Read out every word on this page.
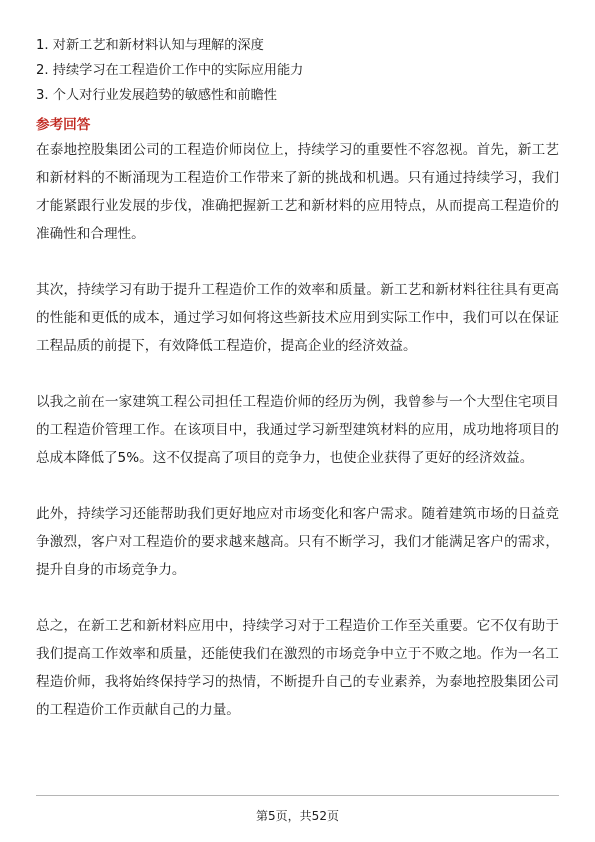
1. 对新工艺和新材料认知与理解的深度
2. 持续学习在工程造价工作中的实际应用能力
3. 个人对行业发展趋势的敏感性和前瞻性
参考回答

在泰地控股集团公司的工程造价师岗位上，持续学习的重要性不容忽视。首先，新工艺和新材料的不断涌现为工程造价工作带来了新的挑战和机遇。只有通过持续学习，我们才能紧跟行业发展的步伐，准确把握新工艺和新材料的应用特点，从而提高工程造价的准确性和合理性。

其次，持续学习有助于提升工程造价工作的效率和质量。新工艺和新材料往往具有更高的性能和更低的成本，通过学习如何将这些新技术应用到实际工作中，我们可以在保证工程品质的前提下，有效降低工程造价，提高企业的经济效益。

以我之前在一家建筑工程公司担任工程造价师的经历为例，我曾参与一个大型住宅项目的工程造价管理工作。在该项目中，我通过学习新型建筑材料的应用，成功地将项目的总成本降低了5%。这不仅提高了项目的竞争力，也使企业获得了更好的经济效益。

此外，持续学习还能帮助我们更好地应对市场变化和客户需求。随着建筑市场的日益竞争激烈，客户对工程造价的要求越来越高。只有不断学习，我们才能满足客户的需求，提升自身的市场竞争力。

总之，在新工艺和新材料应用中，持续学习对于工程造价工作至关重要。它不仅有助于我们提高工作效率和质量，还能使我们在激烈的市场竞争中立于不败之地。作为一名工程造价师，我将始终保持学习的热情，不断提升自己的专业素养，为泰地控股集团公司的工程造价工作贡献自己的力量。

第5页，共52页
